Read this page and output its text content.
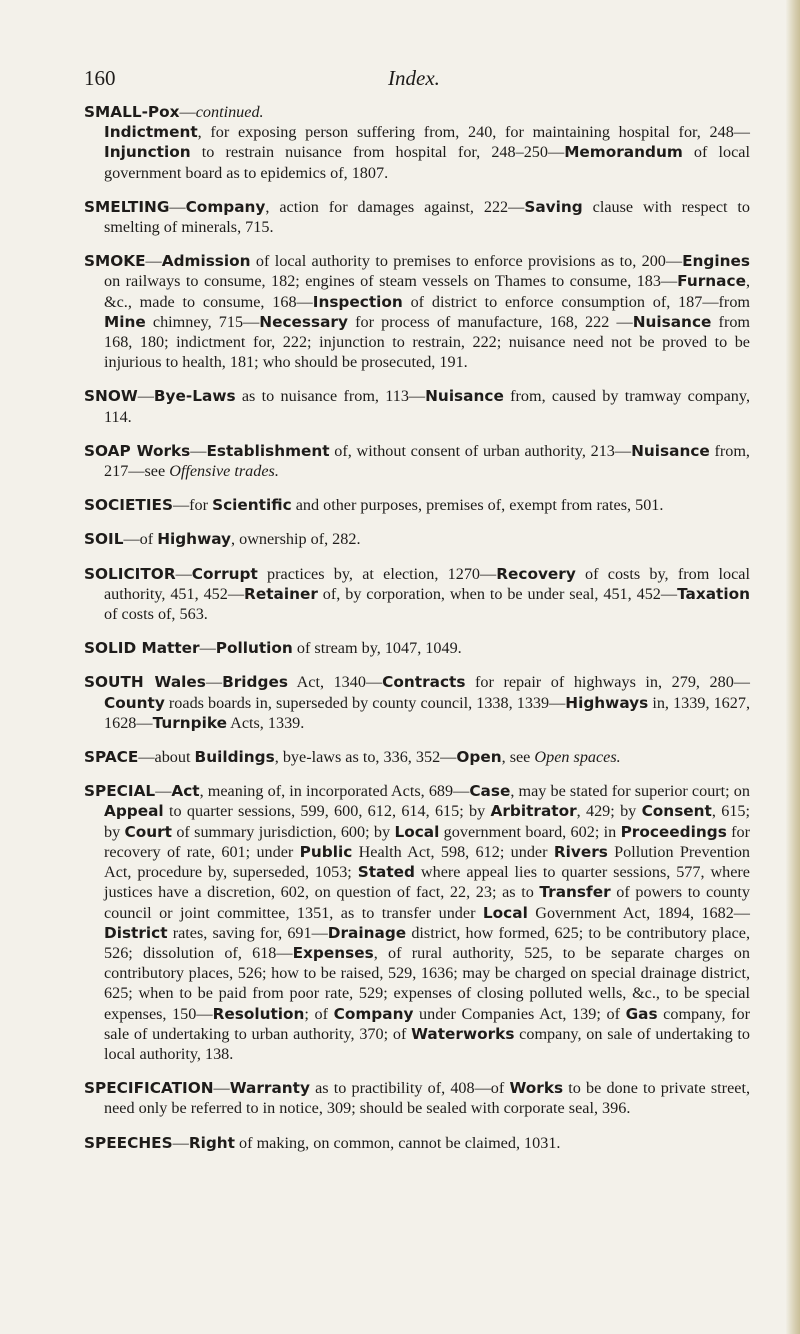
160	Index.

SMALL-Pox—continued.
Indictment, for exposing person suffering from, 240, for maintaining hospital for, 248—Injunction to restrain nuisance from hospital for, 248–250—Memorandum of local government board as to epidemics of, 1807.

SMELTING—Company, action for damages against, 222—Saving clause with respect to smelting of minerals, 715.

SMOKE—Admission of local authority to premises to enforce provisions as to, 200—Engines on railways to consume, 182; engines of steam vessels on Thames to consume, 183—Furnace, &c., made to consume, 168—Inspection of district to enforce consumption of, 187—from Mine chimney, 715—Necessary for process of manufacture, 168, 222 —Nuisance from 168, 180; indictment for, 222; injunction to restrain, 222; nuisance need not be proved to be injurious to health, 181; who should be prosecuted, 191.

SNOW—Bye-Laws as to nuisance from, 113—Nuisance from, caused by tramway company, 114.

SOAP Works—Establishment of, without consent of urban authority, 213—Nuisance from, 217—see Offensive trades.

SOCIETIES—for Scientific and other purposes, premises of, exempt from rates, 501.

SOIL—of Highway, ownership of, 282.

SOLICITOR—Corrupt practices by, at election, 1270—Recovery of costs by, from local authority, 451, 452—Retainer of, by corporation, when to be under seal, 451, 452—Taxation of costs of, 563.

SOLID Matter—Pollution of stream by, 1047, 1049.

SOUTH Wales—Bridges Act, 1340—Contracts for repair of highways in, 279, 280—County roads boards in, superseded by county council, 1338, 1339—Highways in, 1339, 1627, 1628—Turnpike Acts, 1339.

SPACE—about Buildings, bye-laws as to, 336, 352—Open, see Open spaces.

SPECIAL—Act, meaning of, in incorporated Acts, 689—Case, may be stated for superior court; on Appeal to quarter sessions, 599, 600, 612, 614, 615; by Arbitrator, 429; by Consent, 615; by Court of summary jurisdiction, 600; by Local government board, 602; in Proceedings for recovery of rate, 601; under Public Health Act, 598, 612; under Rivers Pollution Prevention Act, procedure by, superseded, 1053; Stated where appeal lies to quarter sessions, 577, where justices have a discretion, 602, on question of fact, 22, 23; as to Transfer of powers to county council or joint committee, 1351, as to transfer under Local Government Act, 1894, 1682—District rates, saving for, 691—Drainage district, how formed, 625; to be contributory place, 526; dissolution of, 618—Expenses, of rural authority, 525, to be separate charges on contributory places, 526; how to be raised, 529, 1636; may be charged on special drainage district, 625; when to be paid from poor rate, 529; expenses of closing polluted wells, &c., to be special expenses, 150—Resolution; of Company under Companies Act, 139; of Gas company, for sale of undertaking to urban authority, 370; of Waterworks company, on sale of undertaking to local authority, 138.

SPECIFICATION—Warranty as to practibility of, 408—of Works to be done to private street, need only be referred to in notice, 309; should be sealed with corporate seal, 396.

SPEECHES—Right of making, on common, cannot be claimed, 1031.
